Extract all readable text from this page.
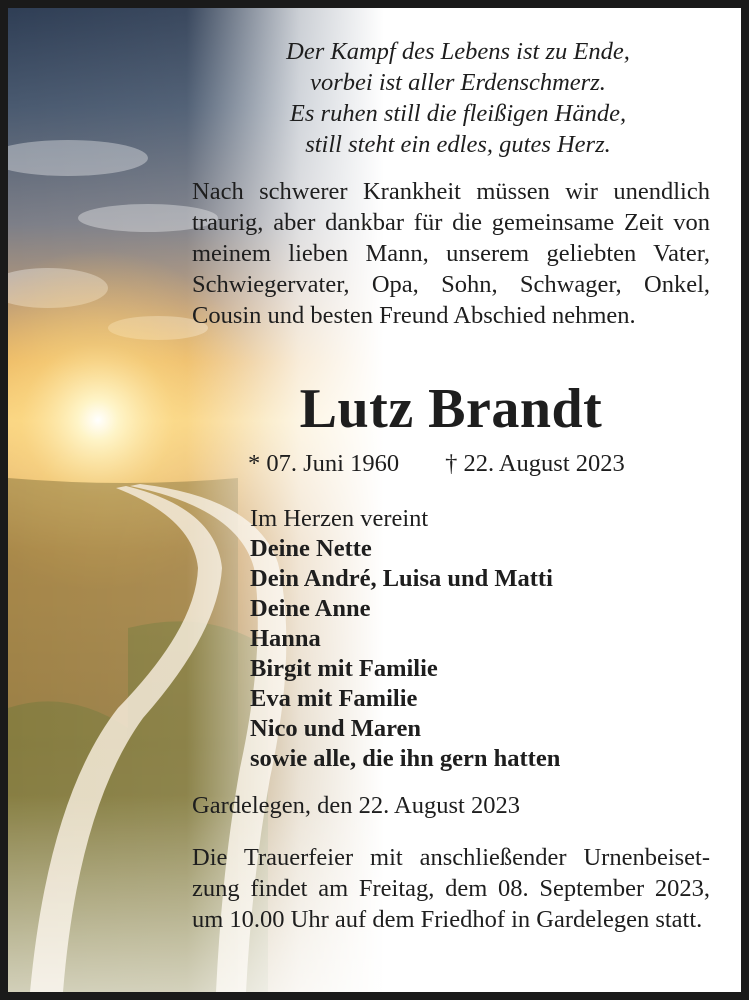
Der Kampf des Lebens ist zu Ende,
vorbei ist aller Erdenschmerz.
Es ruhen still die fleißigen Hände,
still steht ein edles, gutes Herz.
Nach schwerer Krankheit müssen wir unendlich traurig, aber dankbar für die gemeinsame Zeit von meinem lieben Mann, unserem geliebten Vater, Schwiegervater, Opa, Sohn, Schwager, Onkel, Cousin und besten Freund Abschied nehmen.
Lutz Brandt
* 07. Juni 1960 † 22. August 2023
Im Herzen vereint
Deine Nette
Dein André, Luisa und Matti
Deine Anne
Hanna
Birgit mit Familie
Eva mit Familie
Nico und Maren
sowie alle, die ihn gern hatten
Gardelegen, den 22. August 2023
Die Trauerfeier mit anschließender Urnenbeiset- zung findet am Freitag, dem 08. September 2023, um 10.00 Uhr auf dem Friedhof in Gardelegen statt.
